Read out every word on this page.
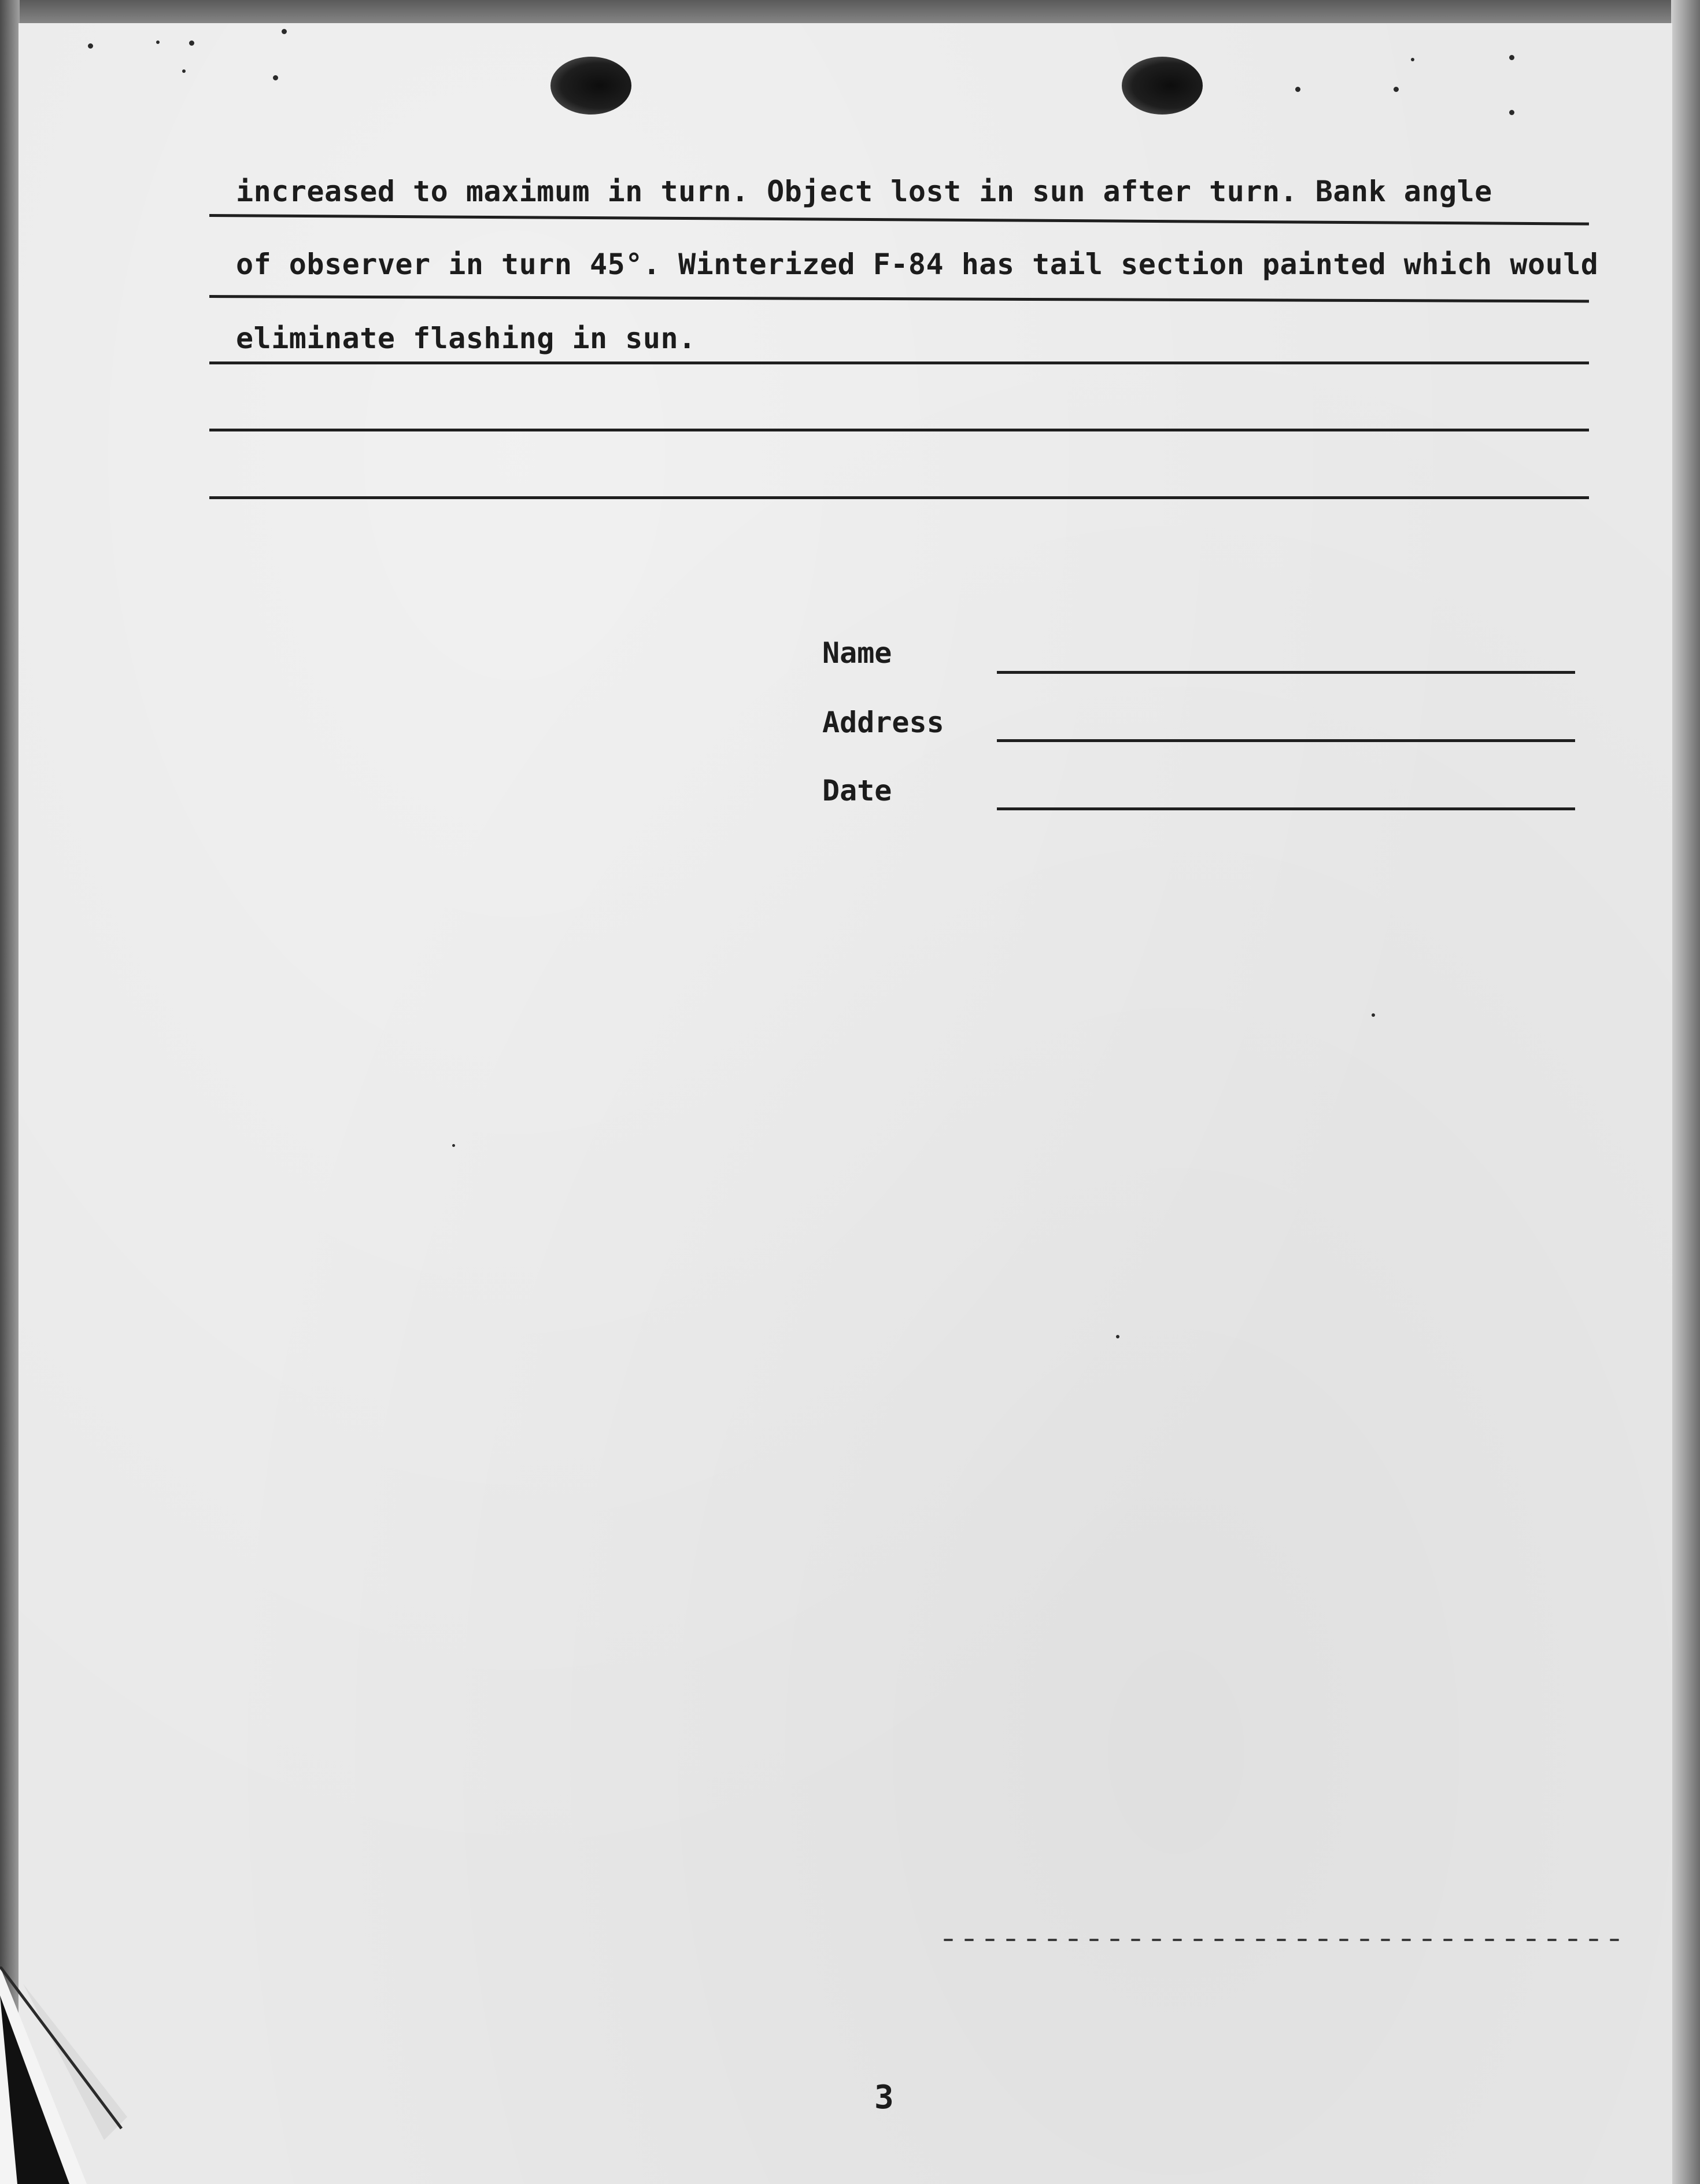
increased to maximum in turn. Object lost in sun after turn. Bank angle
of observer in turn 45°. Winterized F-84 has tail section painted which would
eliminate flashing in sun.
Name
Address
Date
3
